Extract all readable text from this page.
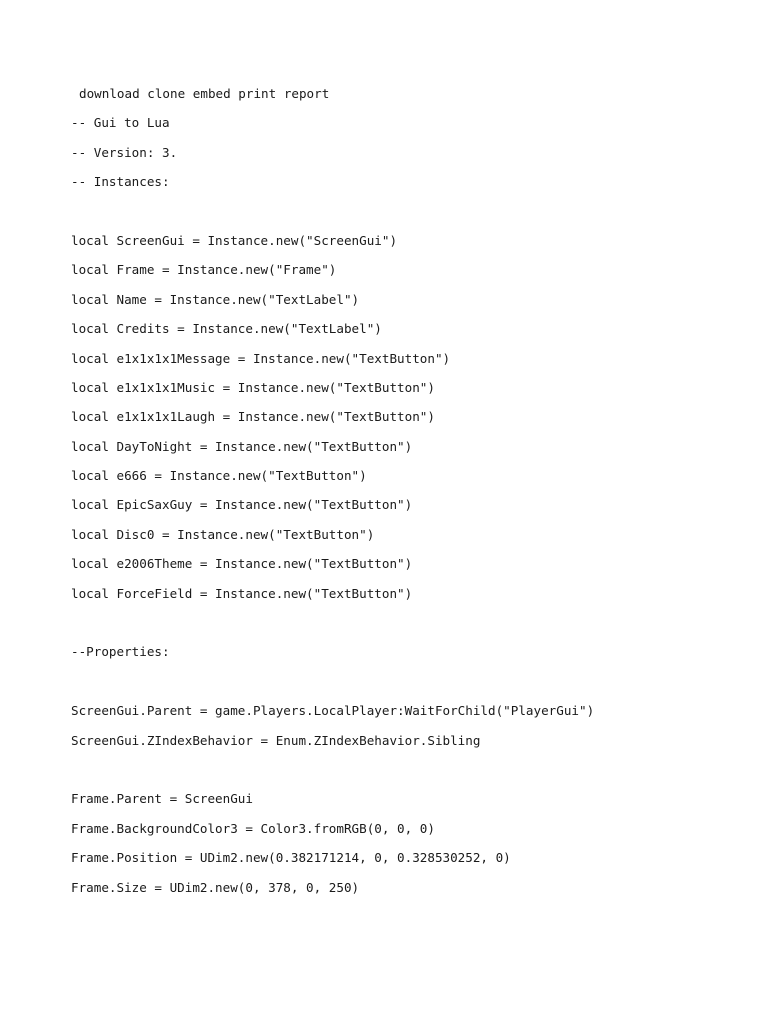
download clone embed print report
-- Gui to Lua
-- Version: 3.
-- Instances:
local ScreenGui = Instance.new("ScreenGui")
local Frame = Instance.new("Frame")
local Name = Instance.new("TextLabel")
local Credits = Instance.new("TextLabel")
local e1x1x1x1Message = Instance.new("TextButton")
local e1x1x1x1Music = Instance.new("TextButton")
local e1x1x1x1Laugh = Instance.new("TextButton")
local DayToNight = Instance.new("TextButton")
local e666 = Instance.new("TextButton")
local EpicSaxGuy = Instance.new("TextButton")
local Disc0 = Instance.new("TextButton")
local e2006Theme = Instance.new("TextButton")
local ForceField = Instance.new("TextButton")
--Properties:
ScreenGui.Parent = game.Players.LocalPlayer:WaitForChild("PlayerGui")
ScreenGui.ZIndexBehavior = Enum.ZIndexBehavior.Sibling
Frame.Parent = ScreenGui
Frame.BackgroundColor3 = Color3.fromRGB(0, 0, 0)
Frame.Position = UDim2.new(0.382171214, 0, 0.328530252, 0)
Frame.Size = UDim2.new(0, 378, 0, 250)
